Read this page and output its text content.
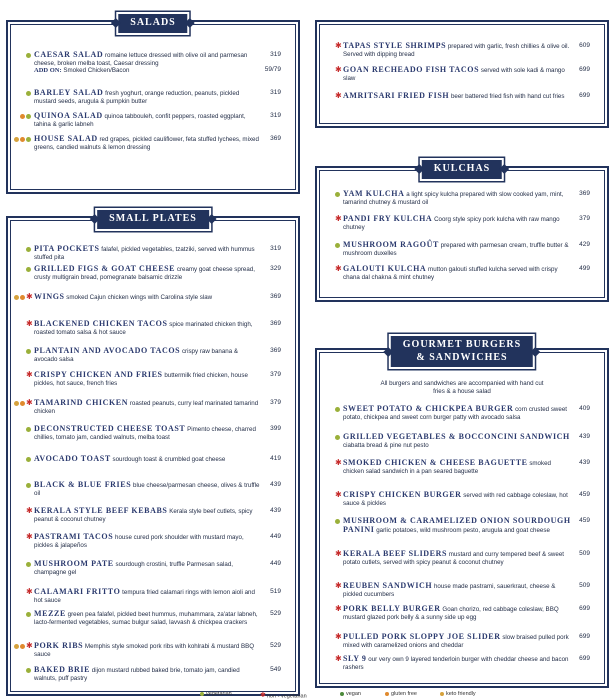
SALADS
CAESAR SALAD romaine lettuce dressed with olive oil and parmesan cheese, broken melba toast, Caesar dressing
ADD ON: Smoked Chicken/Bacon
319
59/79
BARLEY SALAD fresh yoghurt, orange reduction, peanuts, pickled mustard seeds, arugula & pumpkin butter
319
QUINOA SALAD quinoa tabbouleh, confit peppers, roasted eggplant, tahina & garlic labneh
319
HOUSE SALAD red grapes, pickled cauliflower, feta stuffed lychees, mixed greens, candied walnuts & lemon dressing
369
SMALL PLATES
PITA POCKETS falafel, pickled vegetables, tzatziki, served with hummus stuffed pita
319
GRILLED FIGS & GOAT CHEESE creamy goat cheese spread, crusty multigrain bread, pomegranate balsamic drizzle
329
✱ WINGS smoked Cajun chicken wings with Carolina style slaw	369
✱ BLACKENED CHICKEN TACOS spice marinated chicken thigh, roasted tomato salsa & hot sauce
369
PLANTAIN AND AVOCADO TACOS crispy raw banana & avocado salsa
369
✱ CRISPY CHICKEN AND FRIES buttermilk fried chicken, house pickles, hot sauce, french fries
379
✱ TAMARIND CHICKEN roasted peanuts, curry leaf marinated tamarind chicken
379
DECONSTRUCTED CHEESE TOAST Pimento cheese, charred chillies, tomato jam, candied walnuts, melba toast
399
AVOCADO TOAST sourdough toast & crumbled goat cheese	419
BLACK & BLUE FRIES blue cheese/parmesan cheese, olives & truffle oil
439
✱ KERALA STYLE BEEF KEBABS Kerala style beef cutlets, spicy peanut & coconut chutney
439
✱ PASTRAMI TACOS house cured pork shoulder with mustard mayo, pickles & jalapeños
449
MUSHROOM PATE sourdough crostini, truffle Parmesan salad, champagne gel
449
✱ CALAMARI FRITTO tempura fried calamari rings with lemon aioli and hot sauce
519
MEZZE green pea falafel, pickled beet hummus, muhammara, za'atar labneh, lacto-fermented vegetables, sumac bulgur salad, lavvash & chickpea crackers
529
✱ PORK RIBS Memphis style smoked pork ribs with kohlrabi & mustard BBQ sauce
529
BAKED BRIE dijon mustard rubbed baked brie, tomato jam, candied walnuts, puff pastry
549
✱ TAPAS STYLE SHRIMPS prepared with garlic, fresh chillies & olive oil. Served with dipping bread
609
✱ GOAN RECHEADO FISH TACOS served with sole kadi & mango slaw
699
✱ AMRITSARI FRIED FISH beer battered fried fish with hand cut fries	699
KULCHAS
YAM KULCHA a light spicy kulcha prepared with slow cooked yam, mint, tamarind chutney & mustard oil
369
✱ PANDI FRY KULCHA Coorg style spicy pork kulcha with raw mango chutney
379
MUSHROOM RAGOÛT prepared with parmesan cream, truffle butter & mushroom duxelles
429
✱ GALOUTI KULCHA mutton galouti stuffed kulcha served with crispy chana dal chakna & mint chutney
499
GOURMET BURGERS
& SANDWICHES
All burgers and sandwiches are accompanied with hand cut fries & a house salad
SWEET POTATO & CHICKPEA BURGER corn crusted sweet potato, chickpea and sweet corn burger patty with avocado salsa
409
GRILLED VEGETABLES & BOCCONCINI SANDWICH ciabatta bread & pine nut pesto
439
✱ SMOKED CHICKEN & CHEESE BAGUETTE smoked chicken salad sandwich in a pan seared baguette
439
✱ CRISPY CHICKEN BURGER served with red cabbage coleslaw, hot sauce & pickles
459
MUSHROOM & CARAMELIZED ONION SOURDOUGH PANINI garlic potatoes, wild mushroom pesto, arugula and goat cheese
459
✱ KERALA BEEF SLIDERS mustard and curry tempered beef & sweet potato cutlets, served with spicy peanut & coconut chutney
509
✱ REUBEN SANDWICH house made pastrami, sauerkraut, cheese & pickled cucumbers
509
✱ PORK BELLY BURGER Goan chorizo, red cabbage coleslaw, BBQ mustard glazed pork belly & a sunny side up egg
699
✱ PULLED PORK SLOPPY JOE SLIDER slow braised pulled pork mixed with caramelized onions and cheddar
699
✱ SLY 9 our very own 9 layered tenderloin burger with cheddar cheese and bacon rashers
699
vegetarian	✱non - vegetarian	vegan	gluten free	keto friendly
